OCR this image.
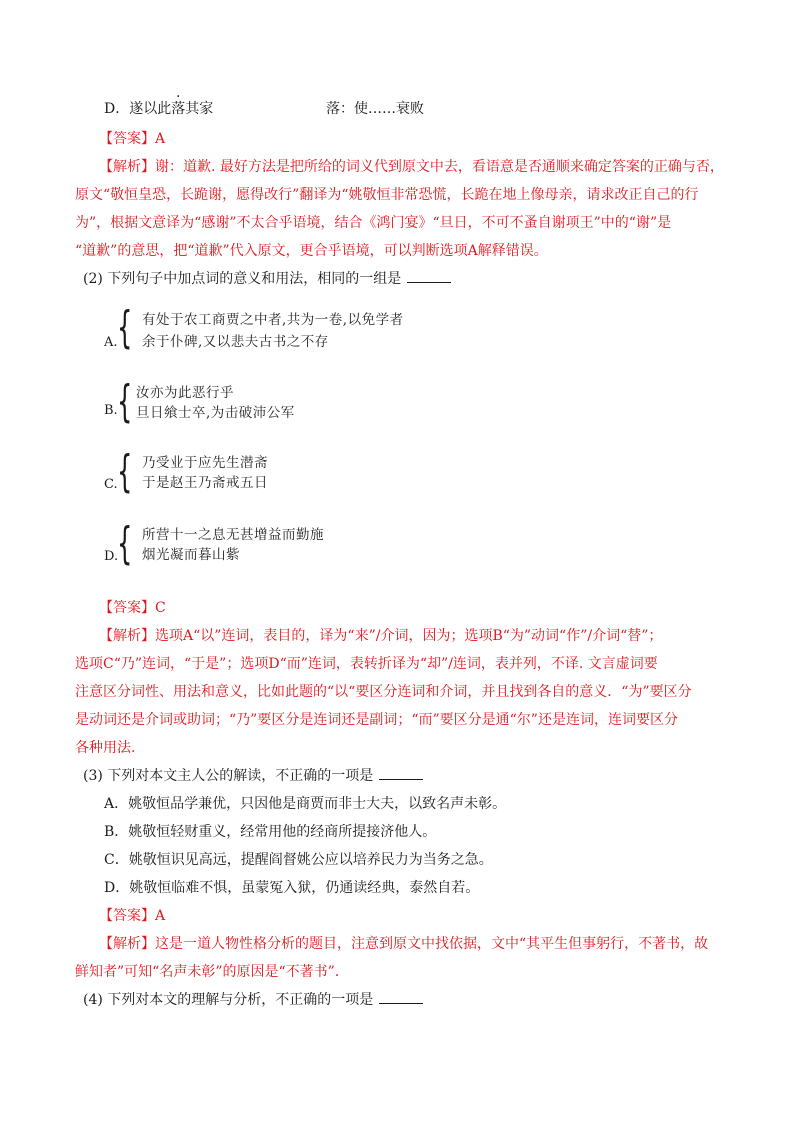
D．遂以此落其家	落：使……衰败
【答案】A
【解析】谢：道歉. 最好方法是把所给的词义代到原文中去，看语意是否通顺来确定答案的正确与否，
原文“敬恒皇恐，长跪谢，愿得改行”翻译为“姚敬恒非常恐慌，长跪在地上像母亲，请求改正自己的行
为”，根据文意译为“感谢”不太合乎语境，结合《鸿门宴》“旦日，不可不蚤自谢项王”中的“谢”是
“道歉”的意思，把“道歉”代入原文，更合乎语境，可以判断选项A解释错误。
(2) 下列句子中加点词的意义和用法，相同的一组是
{
A.
有处于农工商贾之中者,共为一卷,以免学者
余于仆碑,又以悲夫古书之不存
{
B.
汝亦为此恶行乎
旦日飨士卒,为击破沛公军
{
C.
乃受业于应先生潜斋
于是赵王乃斋戒五日
{
D.
所营十一之息无甚增益而勤施
烟光凝而暮山紫
【答案】C
【解析】选项A“以”连词，表目的，译为“来”/介词，因为；选项B“为”动词“作”/介词“替”；
选项C“乃”连词，“于是”；选项D“而”连词，表转折译为“却”/连词，表并列，不译. 文言虚词要
注意区分词性、用法和意义，比如此题的“以“要区分连词和介词，并且找到各自的意义．“为”要区分
是动词还是介词或助词；“乃”要区分是连词还是副词；“而”要区分是通“尔”还是连词，连词要区分
各种用法.
(3) 下列对本文主人公的解读，不正确的一项是
A．姚敬恒品学兼优，只因他是商贾而非士大夫，以致名声未彰。
B．姚敬恒轻财重义，经常用他的经商所提接济他人。
C．姚敬恒识见高远，提醒阎督姚公应以培养民力为当务之急。
D．姚敬恒临难不惧，虽蒙冤入狱，仍通读经典，泰然自若。
【答案】A
【解析】这是一道人物性格分析的题目，注意到原文中找依据，文中“其平生但事躬行，不著书，故
鲜知者”可知“名声未彰”的原因是“不著书”.
(4) 下列对本文的理解与分析，不正确的一项是
